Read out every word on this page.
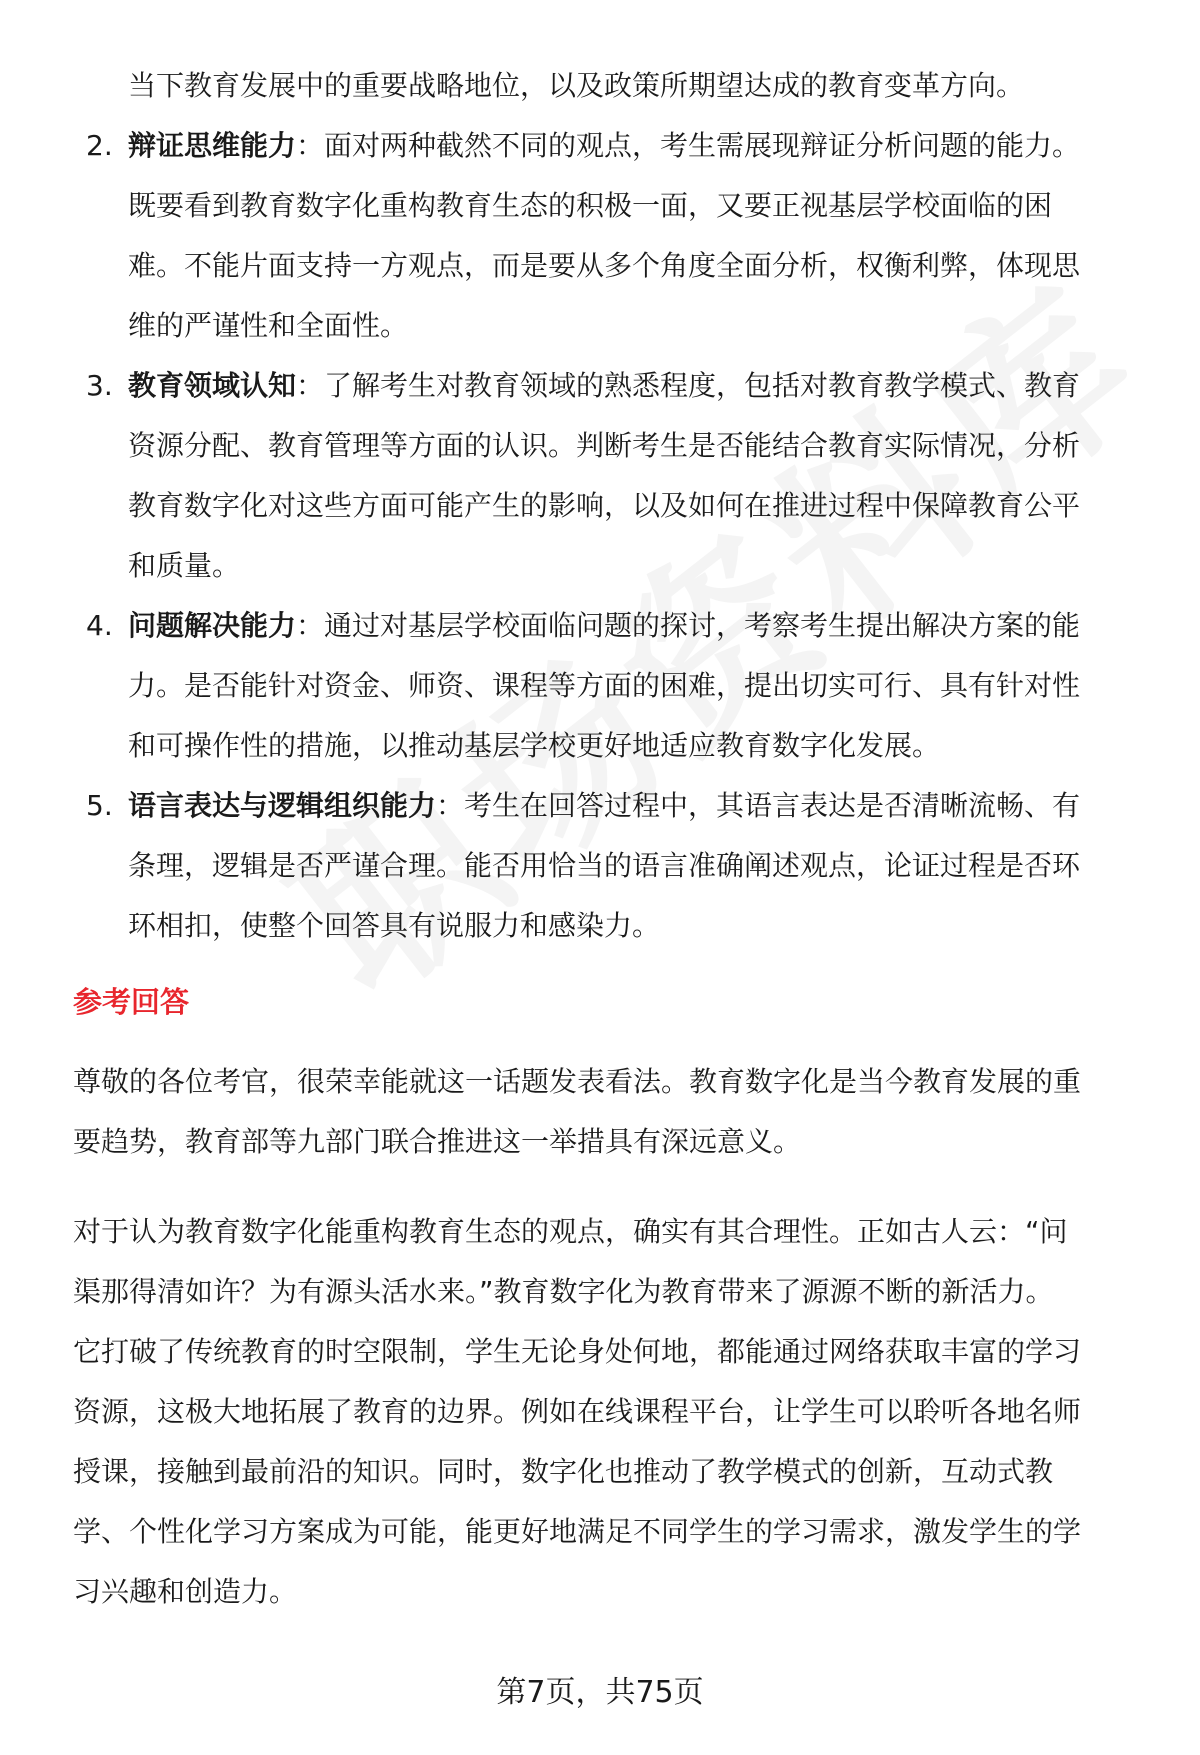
当下教育发展中的重要战略地位，以及政策所期望达成的教育变革方向。
2. 辩证思维能力：面对两种截然不同的观点，考生需展现辩证分析问题的能力。
既要看到教育数字化重构教育生态的积极一面，又要正视基层学校面临的困
难。不能片面支持一方观点，而是要从多个角度全面分析，权衡利弊，体现思
维的严谨性和全面性。
3. 教育领域认知：了解考生对教育领域的熟悉程度，包括对教育教学模式、教育
资源分配、教育管理等方面的认识。判断考生是否能结合教育实际情况，分析
教育数字化对这些方面可能产生的影响，以及如何在推进过程中保障教育公平
和质量。
4. 问题解决能力：通过对基层学校面临问题的探讨，考察考生提出解决方案的能
力。是否能针对资金、师资、课程等方面的困难，提出切实可行、具有针对性
和可操作性的措施，以推动基层学校更好地适应教育数字化发展。
5. 语言表达与逻辑组织能力：考生在回答过程中，其语言表达是否清晰流畅、有
条理，逻辑是否严谨合理。能否用恰当的语言准确阐述观点，论证过程是否环
环相扣，使整个回答具有说服力和感染力。
参考回答
尊敬的各位考官，很荣幸能就这一话题发表看法。教育数字化是当今教育发展的重
要趋势，教育部等九部门联合推进这一举措具有深远意义。
对于认为教育数字化能重构教育生态的观点，确实有其合理性。正如古人云：“问
渠那得清如许？为有源头活水来。”教育数字化为教育带来了源源不断的新活力。
它打破了传统教育的时空限制，学生无论身处何地，都能通过网络获取丰富的学习
资源，这极大地拓展了教育的边界。例如在线课程平台，让学生可以聆听各地名师
授课，接触到最前沿的知识。同时，数字化也推动了教学模式的创新，互动式教
学、个性化学习方案成为可能，能更好地满足不同学生的学习需求，激发学生的学
习兴趣和创造力。
第7页，共75页
